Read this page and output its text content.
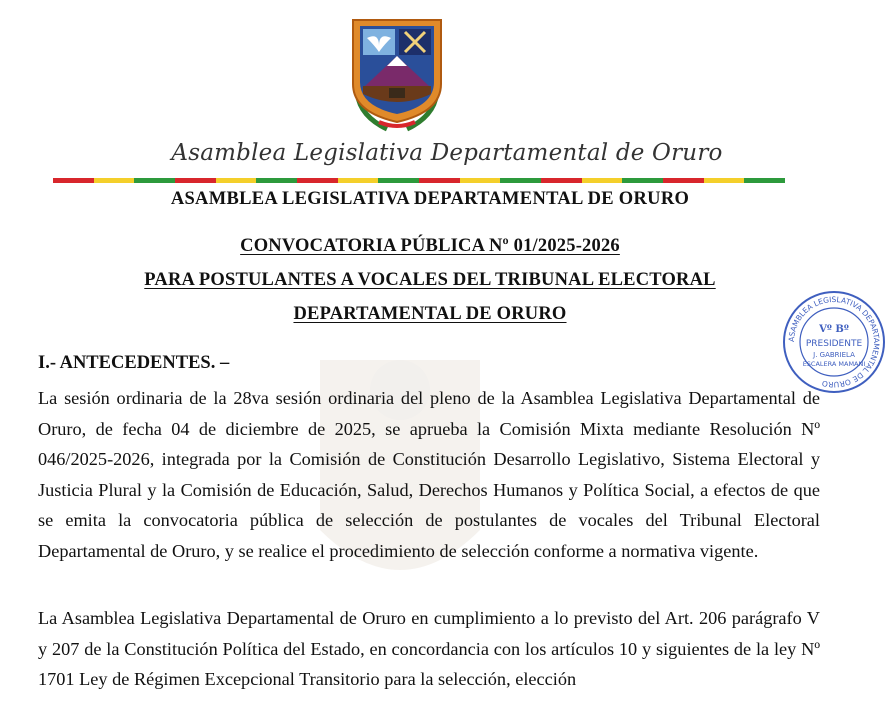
Asamblea Legislativa Departamental de Oruro
ASAMBLEA LEGISLATIVA DEPARTAMENTAL DE ORURO
CONVOCATORIA PÚBLICA Nº 01/2025-2026
PARA POSTULANTES A VOCALES DEL TRIBUNAL ELECTORAL
DEPARTAMENTAL DE ORURO
ASAMBLEA LEGISLATIVA DEPARTAMENTAL DE ORURO
Vº Bº
PRESIDENTE
J. GABRIELA
ESCALERA MAMANI
I.- ANTECEDENTES. –

La sesión ordinaria de la 28va sesión ordinaria del pleno de la Asamblea Legislativa Departamental de Oruro, de fecha 04 de diciembre de 2025, se aprueba la Comisión Mixta mediante Resolución Nº 046/2025-2026, integrada por la Comisión de Constitución Desarrollo Legislativo, Sistema Electoral y Justicia Plural y la Comisión de Educación, Salud, Derechos Humanos y Política Social, a efectos de que se emita la convocatoria pública de selección de postulantes de vocales del Tribunal Electoral Departamental de Oruro, y se realice el procedimiento de selección conforme a normativa vigente.

La Asamblea Legislativa Departamental de Oruro en cumplimiento a lo previsto del Art. 206 parágrafo V y 207 de la Constitución Política del Estado, en concordancia con los artículos 10 y siguientes de la ley Nº 1701 Ley de Régimen Excepcional Transitorio para la selección, elección
